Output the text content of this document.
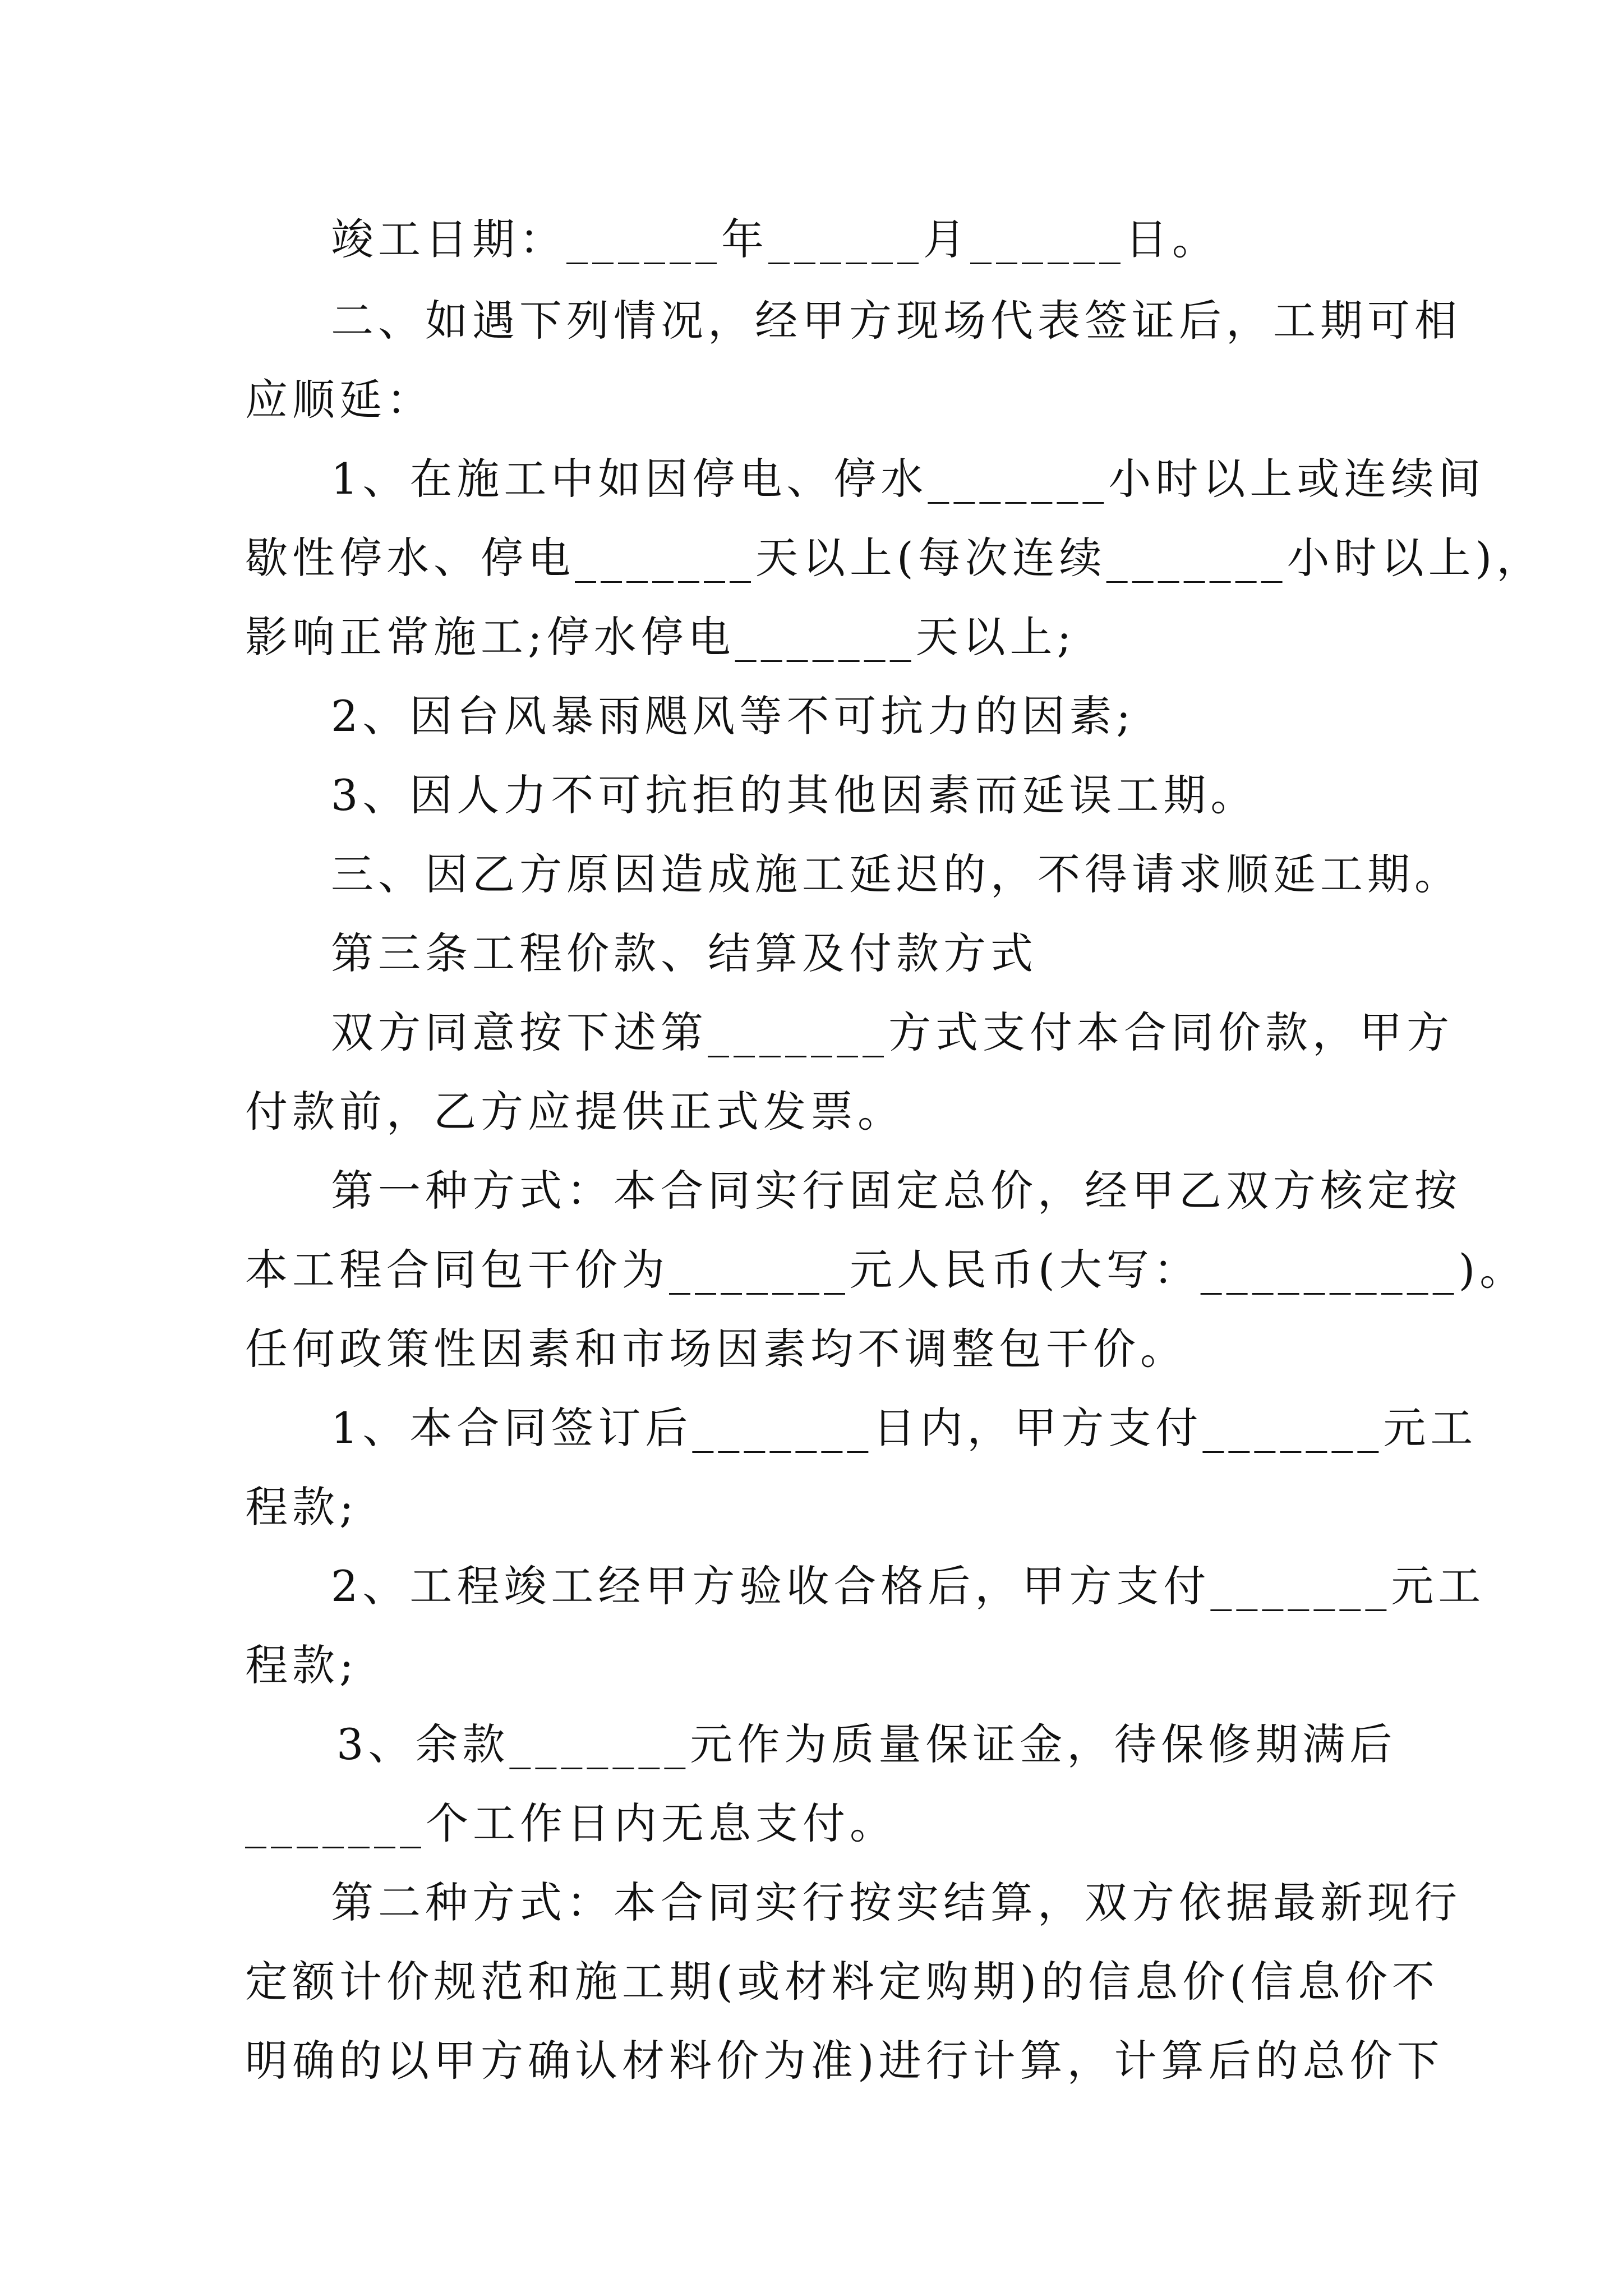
竣工日期：______年______月______日。
二、如遇下列情况，经甲方现场代表签证后，工期可相
应顺延：
1、在施工中如因停电、停水_______小时以上或连续间
歇性停水、停电_______天以上(每次连续_______小时以上)，
影响正常施工;停水停电_______天以上;
2、因台风暴雨飓风等不可抗力的因素;
3、因人力不可抗拒的其他因素而延误工期。
三、因乙方原因造成施工延迟的，不得请求顺延工期。
第三条工程价款、结算及付款方式
双方同意按下述第_______方式支付本合同价款，甲方
付款前，乙方应提供正式发票。
第一种方式：本合同实行固定总价，经甲乙双方核定按
本工程合同包干价为_______元人民币(大写：__________)。
任何政策性因素和市场因素均不调整包干价。
1、本合同签订后_______日内，甲方支付_______元工
程款;
2、工程竣工经甲方验收合格后，甲方支付_______元工
程款;
3、余款_______元作为质量保证金，待保修期满后
_______个工作日内无息支付。
第二种方式：本合同实行按实结算，双方依据最新现行
定额计价规范和施工期(或材料定购期)的信息价(信息价不
明确的以甲方确认材料价为准)进行计算，计算后的总价下
